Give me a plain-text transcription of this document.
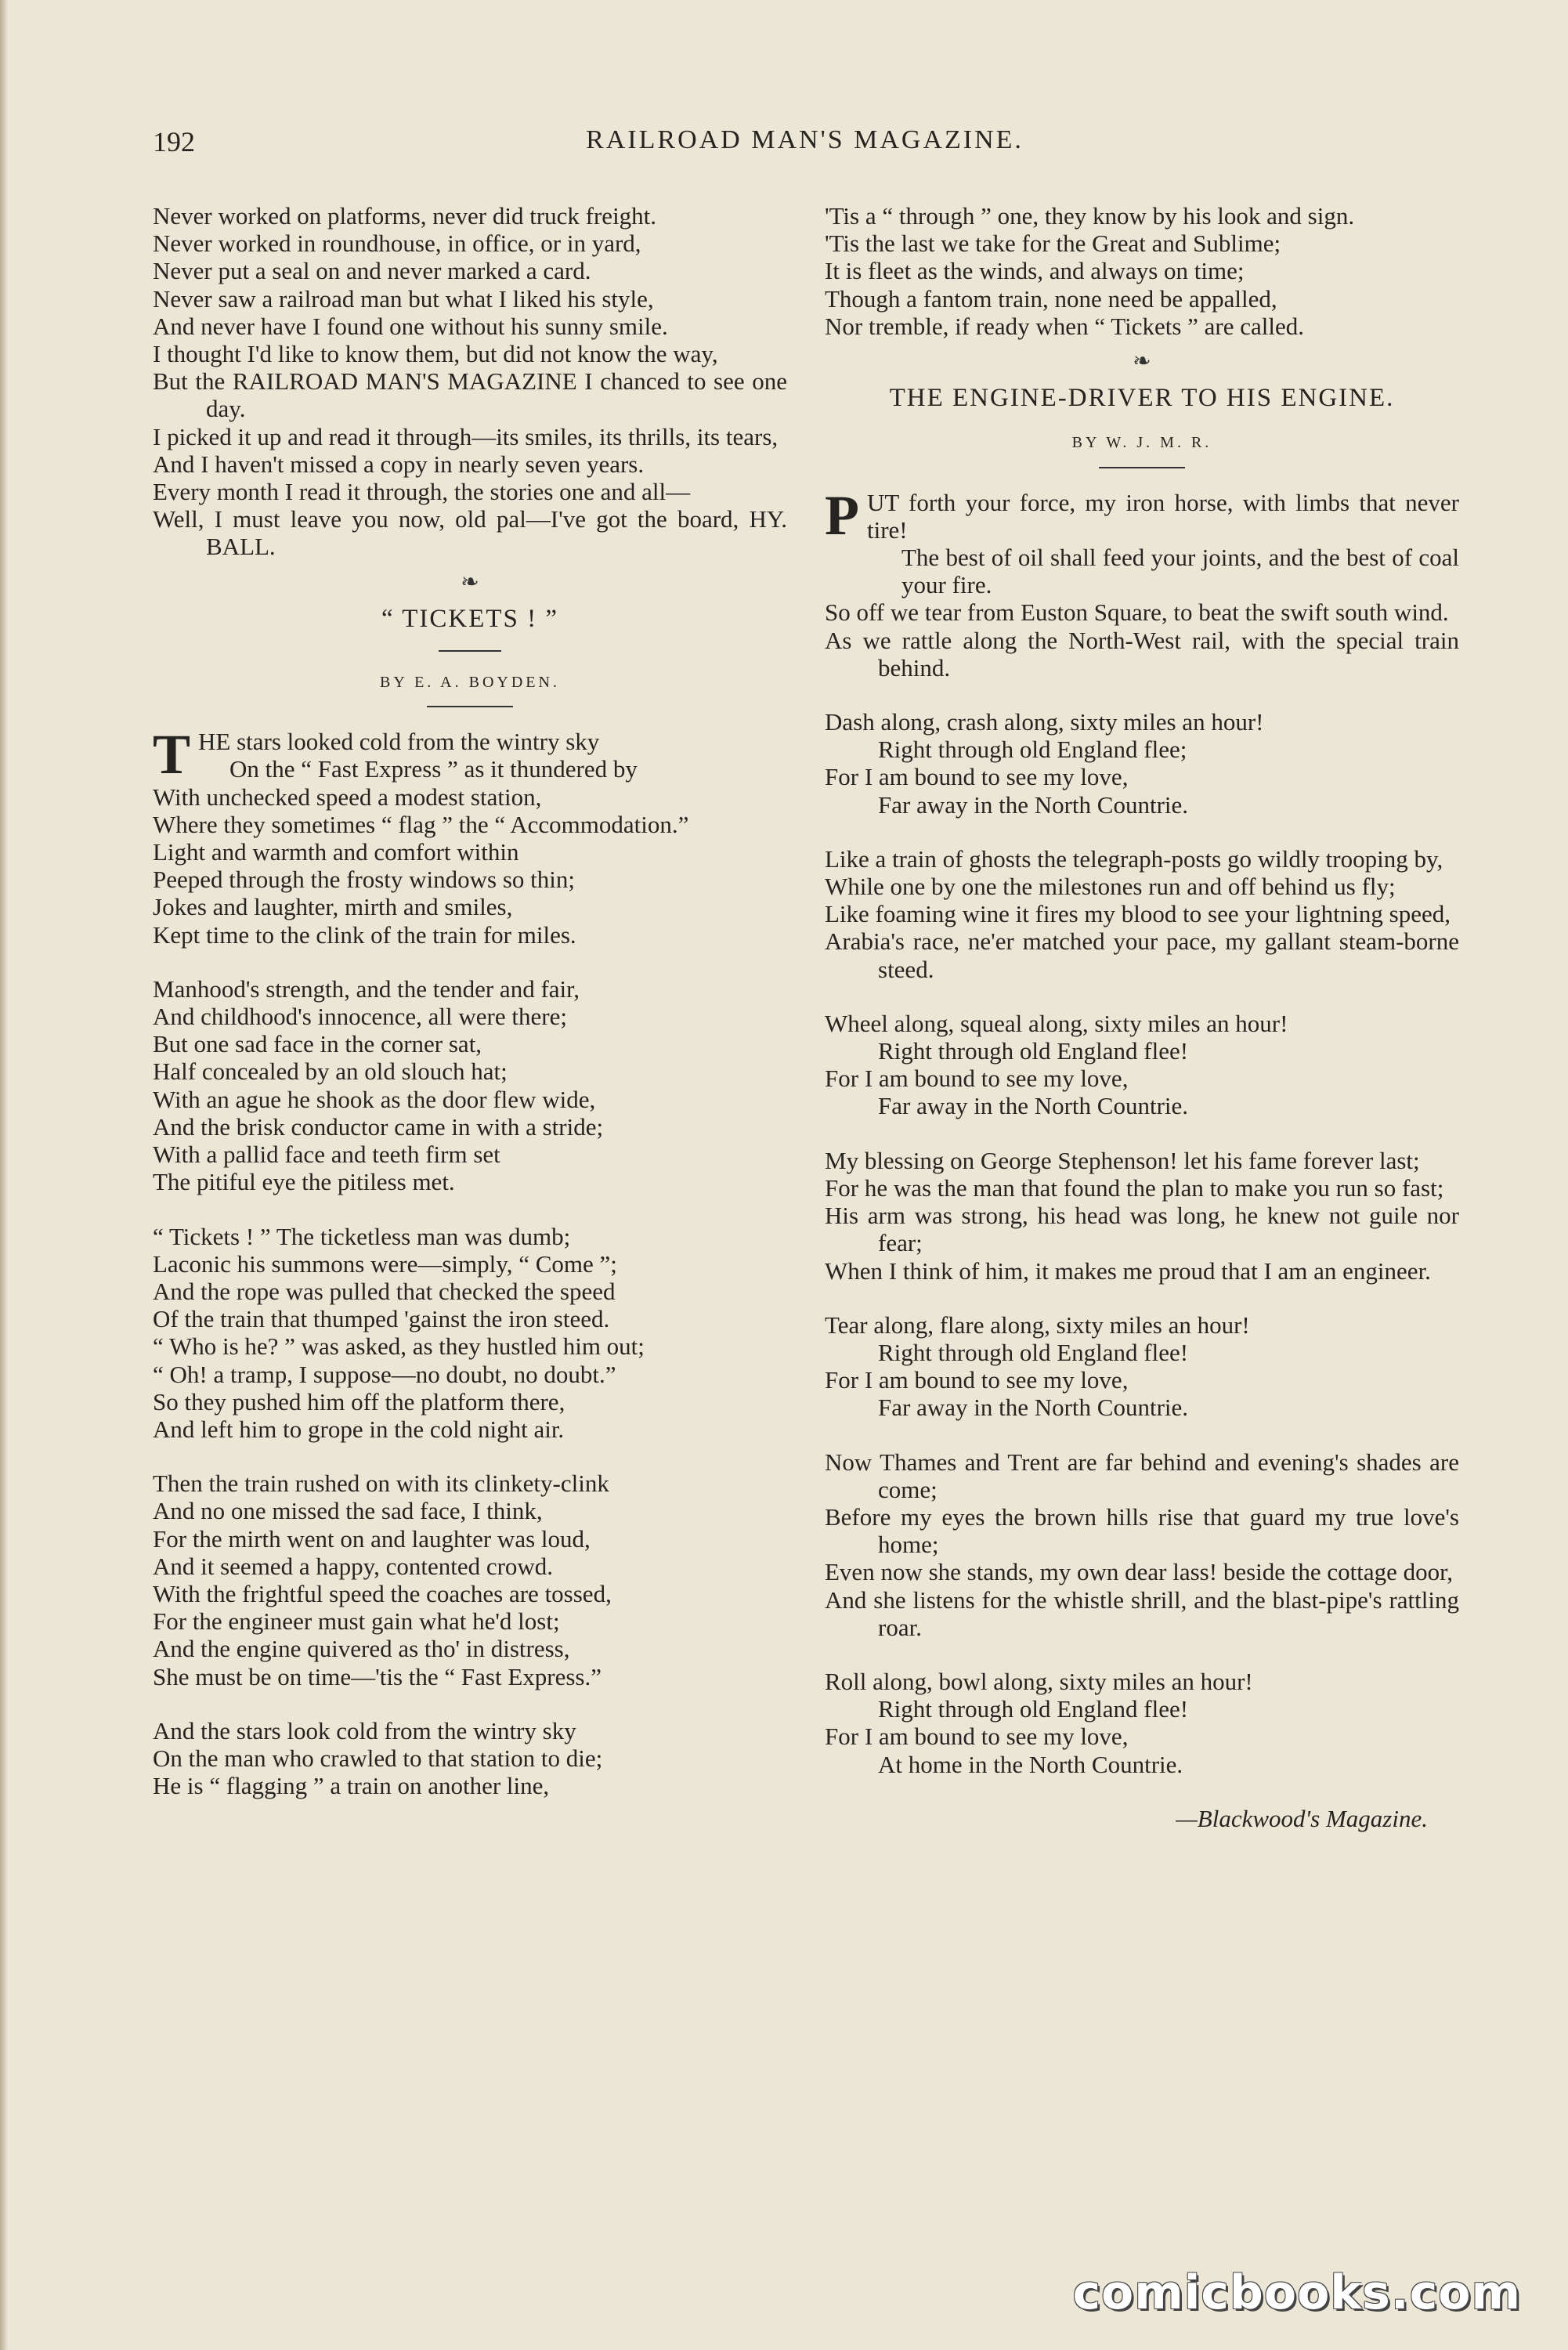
192	RAILROAD MAN'S MAGAZINE.
Never worked on platforms, never did truck freight.
Never worked in roundhouse, in office, or in yard,
Never put a seal on and never marked a card.
Never saw a railroad man but what I liked his style,
And never have I found one without his sunny smile.
I thought I'd like to know them, but did not know the way,
But the RAILROAD MAN'S MAGAZINE I chanced to see one day.
I picked it up and read it through—its smiles, its thrills, its tears,
And I haven't missed a copy in nearly seven years.
Every month I read it through, the stories one and all—
Well, I must leave you now, old pal—I've got the board, HY. BALL.
❧
“ TICKETS ! ”
BY E. A. BOYDEN.
T HE stars looked cold from the wintry sky
On the “ Fast Express ” as it thundered by
With unchecked speed a modest station,
Where they sometimes “ flag ” the “ Accommodation.”
Light and warmth and comfort within
Peeped through the frosty windows so thin;
Jokes and laughter, mirth and smiles,
Kept time to the clink of the train for miles.
Manhood's strength, and the tender and fair,
And childhood's innocence, all were there;
But one sad face in the corner sat,
Half concealed by an old slouch hat;
With an ague he shook as the door flew wide,
And the brisk conductor came in with a stride;
With a pallid face and teeth firm set
The pitiful eye the pitiless met.
“ Tickets ! ” The ticketless man was dumb;
Laconic his summons were—simply, “ Come ”;
And the rope was pulled that checked the speed
Of the train that thumped 'gainst the iron steed.
“ Who is he? ” was asked, as they hustled him out;
“ Oh! a tramp, I suppose—no doubt, no doubt.”
So they pushed him off the platform there,
And left him to grope in the cold night air.
Then the train rushed on with its clinkety-clink
And no one missed the sad face, I think,
For the mirth went on and laughter was loud,
And it seemed a happy, contented crowd.
With the frightful speed the coaches are tossed,
For the engineer must gain what he'd lost;
And the engine quivered as tho' in distress,
She must be on time—'tis the “ Fast Express.”
And the stars look cold from the wintry sky
On the man who crawled to that station to die;
He is “ flagging ” a train on another line,
'Tis a “ through ” one, they know by his look and sign.
'Tis the last we take for the Great and Sublime;
It is fleet as the winds, and always on time;
Though a fantom train, none need be appalled,
Nor tremble, if ready when “ Tickets ” are called.
❧
THE ENGINE-DRIVER TO HIS ENGINE.
BY W. J. M. R.
P UT forth your force, my iron horse, with limbs that never tire!
The best of oil shall feed your joints, and the best of coal your fire.
So off we tear from Euston Square, to beat the swift south wind.
As we rattle along the North-West rail, with the special train behind.
Dash along, crash along, sixty miles an hour!
Right through old England flee;
For I am bound to see my love,
Far away in the North Countrie.
Like a train of ghosts the telegraph-posts go wildly trooping by,
While one by one the milestones run and off behind us fly;
Like foaming wine it fires my blood to see your lightning speed,
Arabia's race, ne'er matched your pace, my gallant steam-borne steed.
Wheel along, squeal along, sixty miles an hour!
Right through old England flee!
For I am bound to see my love,
Far away in the North Countrie.
My blessing on George Stephenson! let his fame forever last;
For he was the man that found the plan to make you run so fast;
His arm was strong, his head was long, he knew not guile nor fear;
When I think of him, it makes me proud that I am an engineer.
Tear along, flare along, sixty miles an hour!
Right through old England flee!
For I am bound to see my love,
Far away in the North Countrie.
Now Thames and Trent are far behind and evening's shades are come;
Before my eyes the brown hills rise that guard my true love's home;
Even now she stands, my own dear lass! beside the cottage door,
And she listens for the whistle shrill, and the blast-pipe's rattling roar.
Roll along, bowl along, sixty miles an hour!
Right through old England flee!
For I am bound to see my love,
At home in the North Countrie.
—Blackwood's Magazine.
comicbooks.com
